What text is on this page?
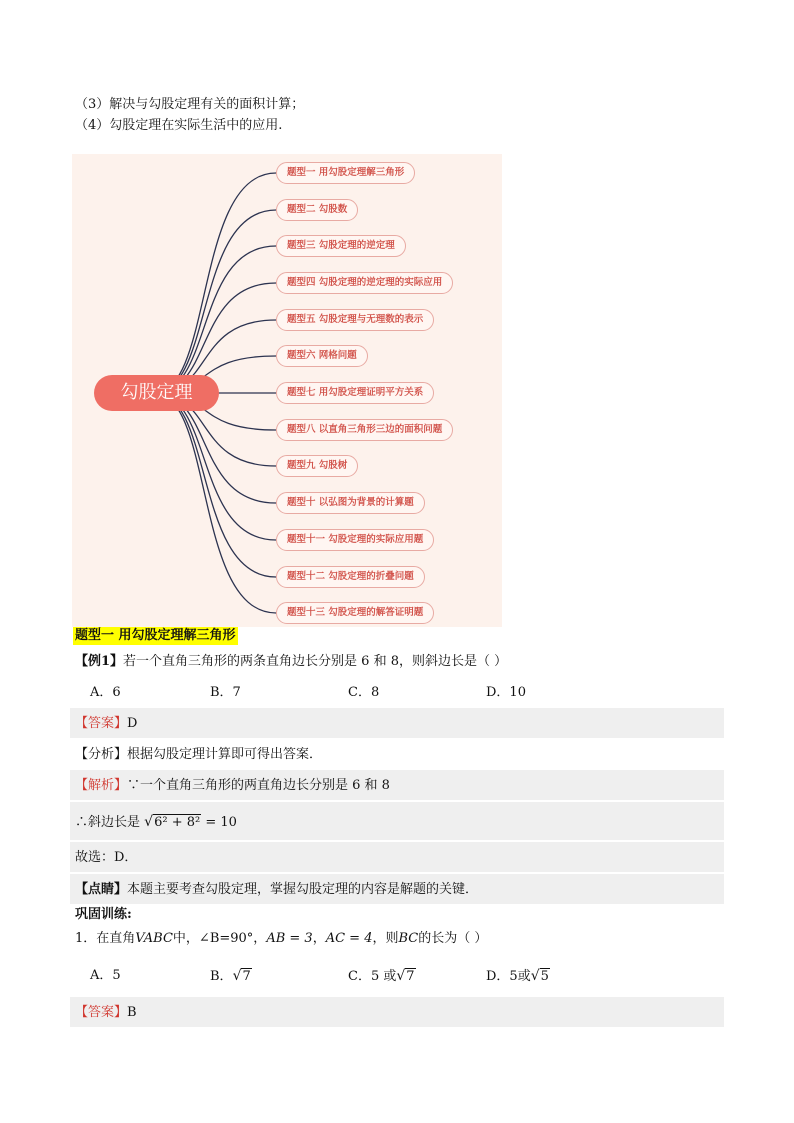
（3）解决与勾股定理有关的面积计算；
（4）勾股定理在实际生活中的应用.
勾股定理
题型一 用勾股定理解三角形
题型二 勾股数
题型三 勾股定理的逆定理
题型四 勾股定理的逆定理的实际应用
题型五 勾股定理与无理数的表示
题型六 网格问题
题型七 用勾股定理证明平方关系
题型八 以直角三角形三边的面积问题
题型九 勾股树
题型十 以弘图为背景的计算题
题型十一 勾股定理的实际应用题
题型十二 勾股定理的折叠问题
题型十三 勾股定理的解答证明题
题型一 用勾股定理解三角形
【例1】若一个直角三角形的两条直角边长分别是 6 和 8，则斜边长是（ ）
A．6	B．7	C．8	D．10
【答案】D
【分析】根据勾股定理计算即可得出答案．
【解析】∵一个直角三角形的两直角边长分别是 6 和 8
∴斜边长是 √6² + 8² = 10
故选：D．
【点睛】本题主要考查勾股定理，掌握勾股定理的内容是解题的关键．
巩固训练:
1．在直角VABC中，∠B=90°，AB = 3，AC = 4，则BC的长为（ ）
A．5	B．√7	C．5 或√7	D．5或√5
【答案】B
